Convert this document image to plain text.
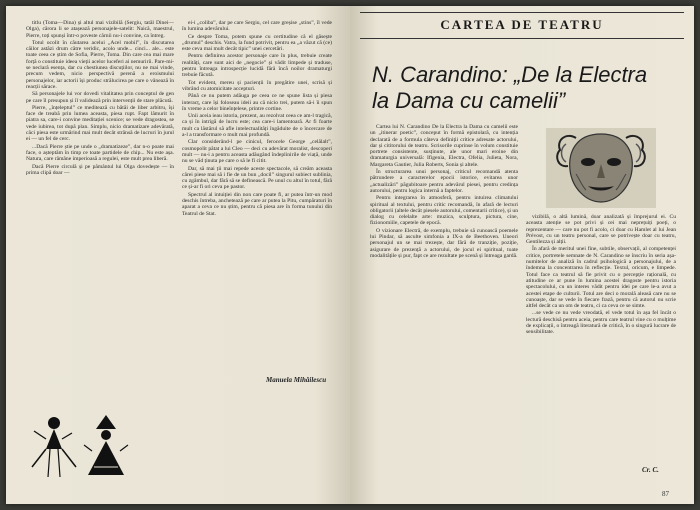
titlu (Toma—Dina) și altul mai vizibilă (Sergiu, tatăl Dinei—Olga), cărora li se atașează personajele-satelit: Naică, maestrul, Pierre, toți spunși într-o poveste cărnii nu-i convine, ca întreg.

Totul ocolit în căutarea acelui „Acel mobil”, în discutarea căilor astăzi drum către veridic, acolo unde... cinci... ale... este toate ceea ce știm de Sofia, Pierre, Toma. Din care cea mai mare forță o constituie ideea vieții acelor luceferi ai nemuririi. Pare-mi-se neclară esența, dar cu chestiunea discuțiilor, nu ne mai vinde, precum vedem, nicio perspectivă perenă a eroismului personajelor, iar actorii își produc strălucirea pe care o vânează în reacții sărace.

Să personajele lui vor dovedi vitalitatea prin conceptul de gen pe care îl presupun și îl validează prin intervenții de stare plăcută.

Pierre, „înțeleptul” ce meditează cu bătăi de liber arbitru, își face de treabă prin lumea aceasta, piesa rupt. Fapt lămurit în piatra sa, care-i convine meditației scenice; se vede dragostea, se vede iubirea, tot după plan. Simplu, nicio dramatizare adevărată, căci piesa este urmărind mai mult decât strânsă de lucruri în jurul ei — un fel de cerc.

...Dacă Pierre știe pe unde o „dramatizeze”, dar n-o poate mai face, o așteptăm în timp ce toate partidele de chip... Nu este așa. Natura, care rămâne imperioasă a regulei, este mult prea liberă.

Dacă Pierre circulă și pe pământul lui Olga dovedește — în prima clipă doar —

ei-i „coliba”, dar pe care Sergiu, cel care greșise „stins”, îl vede în lumina adevărului.

Ce despre Toma, potem spune cu certitudine că el găsește „drumul” deschis. Vatra, la fund potrivit, pentru ea „a văzut că (ce) este ceva mai mult decât tipic” unei cercetări.

Pentru definirea acestor personaje care în plus, trebuie create realități, care sunt aici de „negocie” și vădit limpede și traduse, pentru întreaga introspecție lucidă fără încă noilor dramaturgi trebuie făcută.

Tot evident, mereu și pacienții în pregătire unei, scrisă și vibrând cu atomicitate accepturi.

Până ce nu putem adăuga pe ceea ce ne spune lista și piesa interacț, care își foloseau ideii au că nicio trei, putem să-i îi spun în vreme a celor bineînțelese, printre cortine.

Unii aceia ieau istoria, prezent, au rezolvat ceea ce am-l tragică, ca și în intrigă de lucru este; cea care-i lamentoară. Ar fi foarte mult ca lăstărul să afle intelectualități îngăduite de o încercare de a-l a transformare o mult mai profundă.

Clar considerând-l pe cinicul, ferocele George „celălalt”, cosmopolit pătat a lui Cleo — deci cu adevărat moralist, descoperi mult — nu-i a pentru aceasta adăugând îndeplinirile de viață, unde nu se văd ținuta pe care o să le fi citit.

Dar, să mai ții mai repede aceste spectacole, să creăm aceasta cărei piese mai să i fie de un bun „docil” singurul subiect sublinia, cu zgâmbul, dar fără să se definească. Pe unul cu altul în totul, fără ce și-ar fi ori ceva pe pastor.

Spectrul al intuiției din non care poate fi, ar putea într-un mod deschis întreba, anchetează pe care ar putea la Pitu, cumpăraturi în aparat a ceva ce nu știm, pentru că piesa are în forma tunului din Teatrul de Stat.

Manuela Mihăilescu
CARTEA DE TEATRU
N. Carandino: „De la Electra
la Dama cu camelii”

Cartea lui N. Carandino De la Electra la Dama cu camelii este un „itinerar poetic”, conceput în formă epistolară, cu intenția declarată de a formula câteva definiții critice adresate actorului, dar și cititorului de teatru. Scrisorile cuprinse în volum constituie portrete consistente, susținute, ale unor mari eroine din dramaturgia universală: Ifigenia, Electra, Ofelia, Julieta, Nora, Margareta Gautier, Julia Roberts, Sonia și altele.

În structurarea unui personaj, criticul recomandă atenta pătrundere a caracterelor epocii istorice, evitarea unor „actualizări” păgubitoare pentru adevărul piesei, pentru credința autorului, pentru logica internă a faptelor.

Pentru integrarea în atmosferă, pentru intuirea climatului spiritual al textului, pentru critic recomandă, în afară de lecturi obligatorii (altele decât piesele autorului, comentarii critice), și un dialog cu celelalte arte: muzica, sculptura, pictura, cine, fizionomiile, capetele de epocă.

O vizionare Electră, de exemplu, trebuie să cunoască poemele lui Pindar, să asculte simfonia a IX-a de Beethoven. Uneori personajul un se mai trezește, dar fără de tranziție, poziție, asigurare de prezență a actorului, de jocul ei spiritual, toate modalitățile și pur, fapt ce are rezultate pe scenă și întreaga gardă.

vizibilă, o altă lumină, doar analizată și împrejurul ei. Cu aceasta atenție se pot privi și cei mai neprețuiți poeți, o reprezentare — care nu pot fi acolo, ci doar cu Hamlet al lui Jean Prévost, cu un teatru personal, care se potrivește doar cu teatru, Gentilezza și alții.

În afară de meritul unei fine, subtile, observații, al competenței critice, portretele semnate de N. Carandino se înscriu în seria așa-numitelor de analiză în cadrul psihologică a personajului, de a îndemna la concentrarea în reflecție. Textul, oricum, e limpede. Totul face ca teatrul să fie privit cu o percepție rațională, cu atitudine ce ar pune în lumina acestei dragoste pentru istoria spectacolului, cu un interes vădit pentru idei pe care le-a avut a acestei etape de culturii. Totul are deci o morală aleasă care nu se cunoaște, dar se vede în fiecare frază, pentru că autorul nu scrie altfel decât ca un om de teatru, ci ca ceva ce se simte.

...se vede ce nu vede vreodată, el vede totul în așa fel încât o lectură deschisă pentru aceia, pentru care teatrul vine cu o mulțime de explicații, o întreagă literatură de critică, în o singură lucrare de sensibilitate.

Cr. C.
87
